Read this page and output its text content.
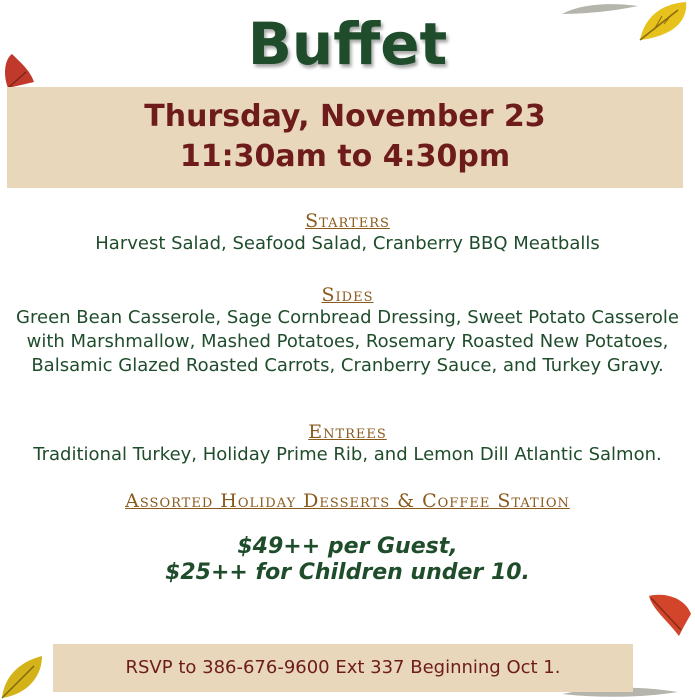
Buffet
Thursday, November 23
11:30am to 4:30pm
Starters
Harvest Salad, Seafood Salad, Cranberry BBQ Meatballs
Sides
Green Bean Casserole, Sage Cornbread Dressing, Sweet Potato Casserole with Marshmallow, Mashed Potatoes, Rosemary Roasted New Potatoes, Balsamic Glazed Roasted Carrots, Cranberry Sauce, and Turkey Gravy.
Entrees
Traditional Turkey, Holiday Prime Rib, and Lemon Dill Atlantic Salmon.
Assorted Holiday Desserts & Coffee Station
$49++ per Guest,
$25++ for Children under 10.
RSVP to 386-676-9600 Ext 337 Beginning Oct 1.
